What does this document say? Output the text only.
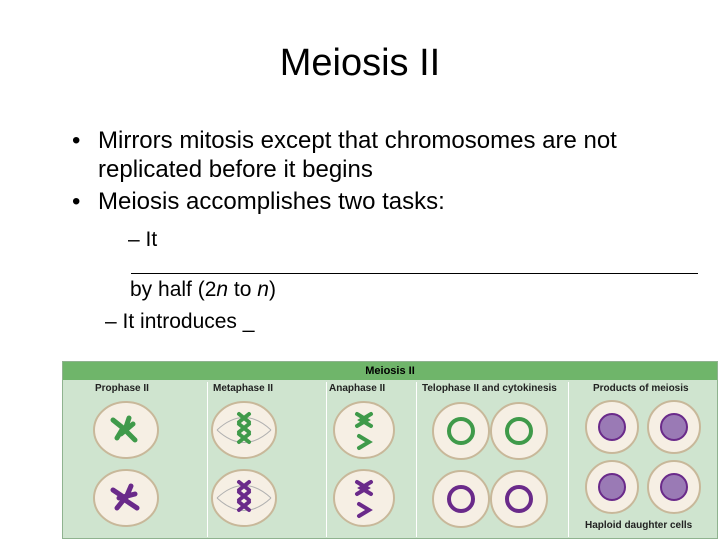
Meiosis II
• Mirrors mitosis except that chromosomes are not replicated before it begins
• Meiosis accomplishes two tasks:
– It
by half (2n to n)
– It introduces _
Meiosis II
Prophase II	Metaphase II	Anaphase II	Telophase II and cytokinesis	Products of meiosis
Haploid daughter cells
